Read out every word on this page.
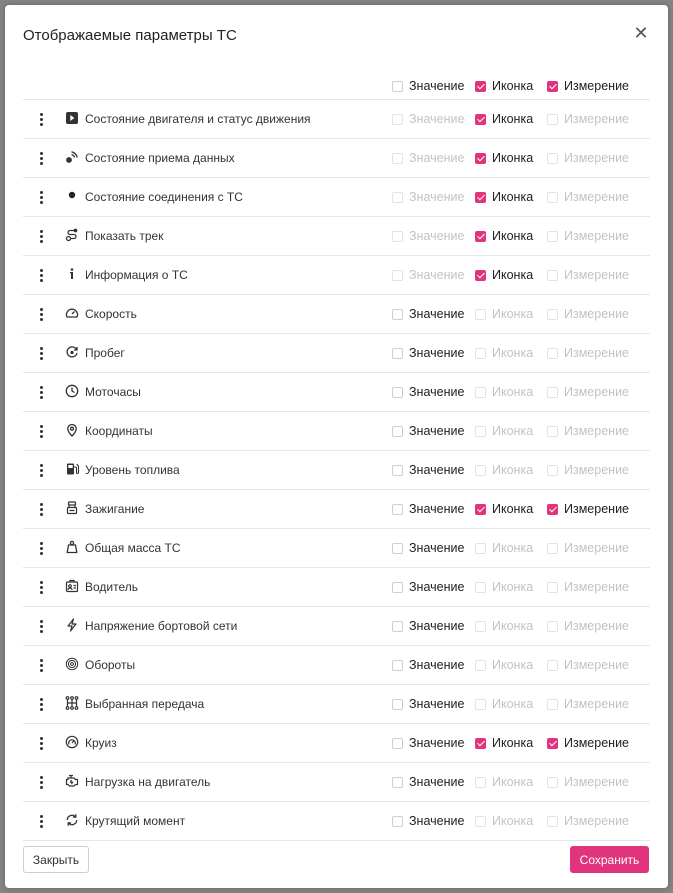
Отображаемые параметры ТС	✕
Значение Иконка Измерение
Состояние двигателя и статус движения	Значение Иконка Измерение
Состояние приема данных	Значение Иконка Измерение
Состояние соединения с ТС	Значение Иконка Измерение
Показать трек	Значение Иконка Измерение
Информация о ТС	Значение Иконка Измерение
Скорость	Значение Иконка Измерение
Пробег	Значение Иконка Измерение
Моточасы	Значение Иконка Измерение
Координаты	Значение Иконка Измерение
Уровень топлива	Значение Иконка Измерение
Зажигание	Значение Иконка Измерение
Общая масса ТС	Значение Иконка Измерение
Водитель	Значение Иконка Измерение
Напряжение бортовой сети	Значение Иконка Измерение
Обороты	Значение Иконка Измерение
Выбранная передача	Значение Иконка Измерение
Круиз	Значение Иконка Измерение
Нагрузка на двигатель	Значение Иконка Измерение
Крутящий момент	Значение Иконка Измерение
Закрыть	Сохранить
